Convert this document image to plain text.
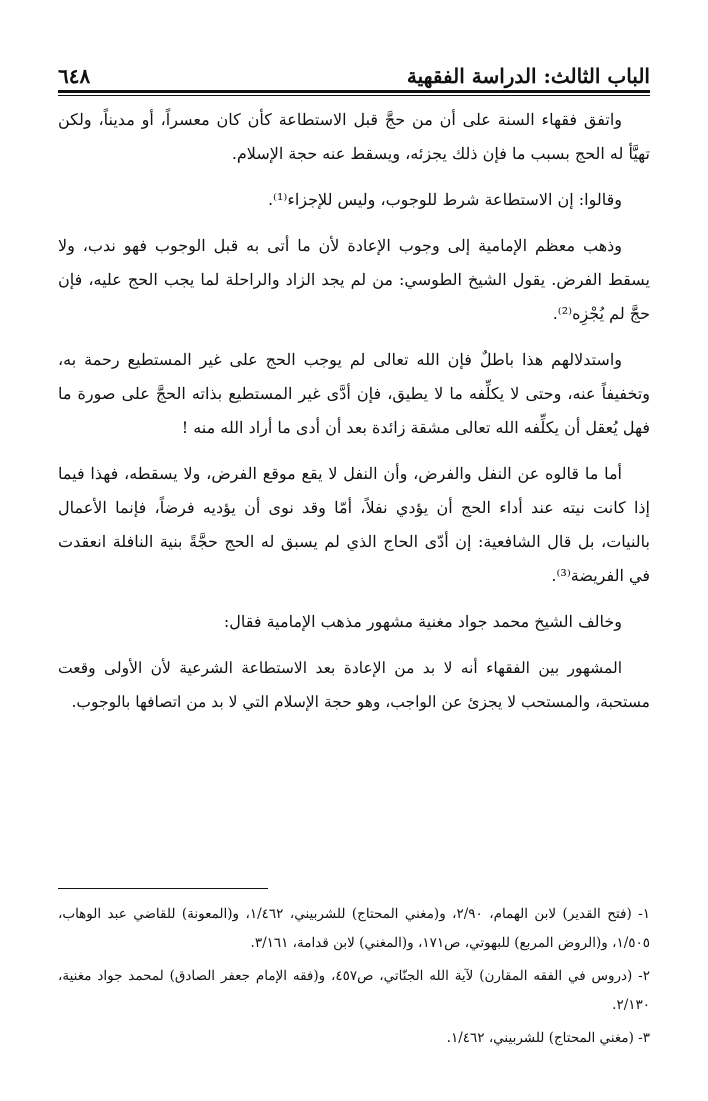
الباب الثالث: الدراسة الفقهية
٦٤٨

واتفق فقهاء السنة على أن من حجَّ قبل الاستطاعة كأن كان معسراً، أو مديناً، ولكن تهيَّأ له الحج بسبب ما فإن ذلك يجزئه، ويسقط عنه حجة الإسلام.

وقالوا: إن الاستطاعة شرط للوجوب، وليس للإجزاء⁽¹⁾.

وذهب معظم الإمامية إلى وجوب الإعادة لأن ما أتى به قبل الوجوب فهو ندب، ولا يسقط الفرض. يقول الشيخ الطوسي: من لم يجد الزاد والراحلة لما يجب الحج عليه، فإن حجَّ لم يُجْزِه⁽²⁾.

واستدلالهم هذا باطلٌ فإن الله تعالى لم يوجب الحج على غير المستطيع رحمة به، وتخفيفاً عنه، وحتى لا يكلِّفه ما لا يطيق، فإن أدَّى غير المستطيع بذاته الحجَّ على صورة ما فهل يُعقل أن يكلِّفه الله تعالى مشقة زائدة بعد أن أدى ما أراد الله منه !

أما ما قالوه عن النفل والفرض، وأن النفل لا يقع موقع الفرض، ولا يسقطه، فهذا فيما إذا كانت نيته عند أداء الحج أن يؤدي نفلاً، أمّا وقد نوى أن يؤديه فرضاً، فإنما الأعمال بالنيات، بل قال الشافعية: إن أدّى الحاج الذي لم يسبق له الحج حجَّةً بنية النافلة انعقدت في الفريضة⁽³⁾.

وخالف الشيخ محمد جواد مغنية مشهور مذهب الإمامية فقال:

المشهور بين الفقهاء أنه لا بد من الإعادة بعد الاستطاعة الشرعية لأن الأولى وقعت مستحبة، والمستحب لا يجزئ عن الواجب، وهو حجة الإسلام التي لا بد من اتصافها بالوجوب.

١- (فتح القدير) لابن الهمام، ٢/٩٠، و(مغني المحتاج) للشربيني، ١/٤٦٢، و(المعونة) للقاضي عبد الوهاب، ١/٥٠٥، و(الروض المربع) للبهوتي، ص١٧١، و(المغني) لابن قدامة، ٣/١٦١.

٢- (دروس في الفقه المقارن) لآية الله الجنّاتي، ص٤٥٧، و(فقه الإمام جعفر الصادق) لمحمد جواد مغنية، ٢/١٣٠.

٣- (مغني المحتاج) للشربيني، ١/٤٦٢.
